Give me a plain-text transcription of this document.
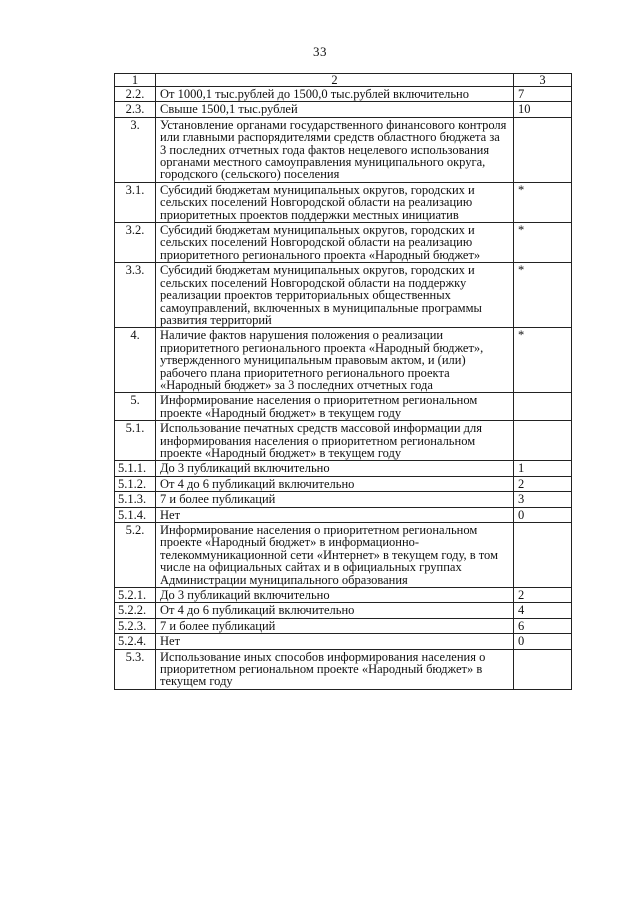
33
1	2	3
2.2.	От 1000,1 тыс.рублей до 1500,0 тыс.рублей включительно	7
2.3.	Свыше 1500,1 тыс.рублей	10
3.	Установление органами государственного финансового контроля или главными распорядителями средств областного бюджета за 3 последних отчетных года фактов нецелевого использования органами местного самоуправления муниципального округа, городского (сельского) поселения	
3.1.	Субсидий бюджетам муниципальных округов, городских и сельских поселений Новгородской области на реализацию приоритетных проектов поддержки местных инициатив	*
3.2.	Субсидий бюджетам муниципальных округов, городских и сельских поселений Новгородской области на реализацию приоритетного регионального проекта «Народный бюджет»	*
3.3.	Субсидий бюджетам муниципальных округов, городских и сельских поселений Новгородской области на поддержку реализации проектов территориальных общественных самоуправлений, включенных в муниципальные программы развития территорий	*
4.	Наличие фактов нарушения положения о реализации приоритетного регионального проекта «Народный бюджет», утвержденного муниципальным правовым актом, и (или) рабочего плана приоритетного регионального проекта «Народный бюджет» за 3 последних отчетных года	*
5.	Информирование населения о приоритетном региональном проекте «Народный бюджет» в текущем году	
5.1.	Использование печатных средств массовой информации для информирования населения о приоритетном региональном проекте «Народный бюджет» в текущем году	
5.1.1.	До 3 публикаций включительно	1
5.1.2.	От 4 до 6 публикаций включительно	2
5.1.3.	7 и более публикаций	3
5.1.4.	Нет	0
5.2.	Информирование населения о приоритетном региональном проекте «Народный бюджет» в информационно-телекоммуникационной сети «Интернет» в текущем году, в том числе на официальных сайтах и в официальных группах Администрации муниципального образования	
5.2.1.	До 3 публикаций включительно	2
5.2.2.	От 4 до 6 публикаций включительно	4
5.2.3.	7 и более публикаций	6
5.2.4.	Нет	0
5.3.	Использование иных способов информирования населения о приоритетном региональном проекте «Народный бюджет» в текущем году	
